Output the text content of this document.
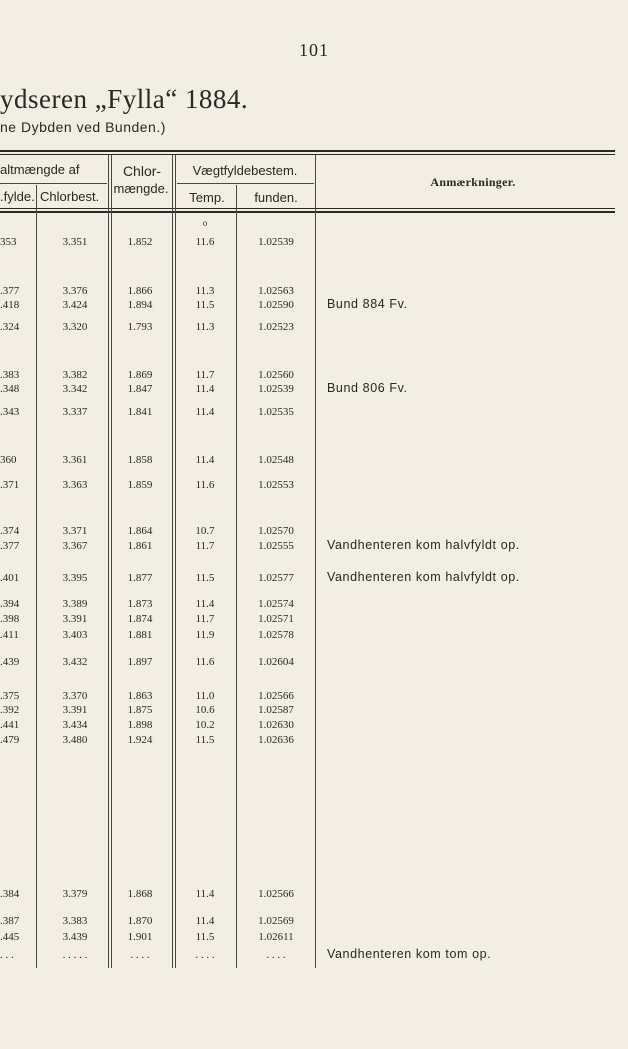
101
ydseren „Fylla“ 1884.
ne Dybden ved Bunden.)
altmængde af
.fylde. Chlorbest.
Chlor-
mængde.
Vægtfyldebestem.
Temp.	funden.
Anmærkninger.
o
353	3.351	1.852	11.6	1.02539
.377	3.376	1.866	11.3	1.02563
.418	3.424	1.894	11.5	1.02590	Bund 884 Fv.
.324	3.320	1.793	11.3	1.02523
.383	3.382	1.869	11.7	1.02560
.348	3.342	1.847	11.4	1.02539	Bund 806 Fv.
.343	3.337	1.841	11.4	1.02535
360	3.361	1.858	11.4	1.02548
.371	3.363	1.859	11.6	1.02553
.374	3.371	1.864	10.7	1.02570
.377	3.367	1.861	11.7	1.02555	Vandhenteren kom halvfyldt op.
.401	3.395	1.877	11.5	1.02577	Vandhenteren kom halvfyldt op.
.394	3.389	1.873	11.4	1.02574
.398	3.391	1.874	11.7	1.02571
.411	3.403	1.881	11.9	1.02578
.439	3.432	1.897	11.6	1.02604
.375	3.370	1.863	11.0	1.02566
.392	3.391	1.875	10.6	1.02587
.441	3.434	1.898	10.2	1.02630
.479	3.480	1.924	11.5	1.02636
.384	3.379	1.868	11.4	1.02566
.387	3.383	1.870	11.4	1.02569
.445	3.439	1.901	11.5	1.02611
. . .	. . . . .	. . . .	. . . .	. . . .	Vandhenteren kom tom op.
